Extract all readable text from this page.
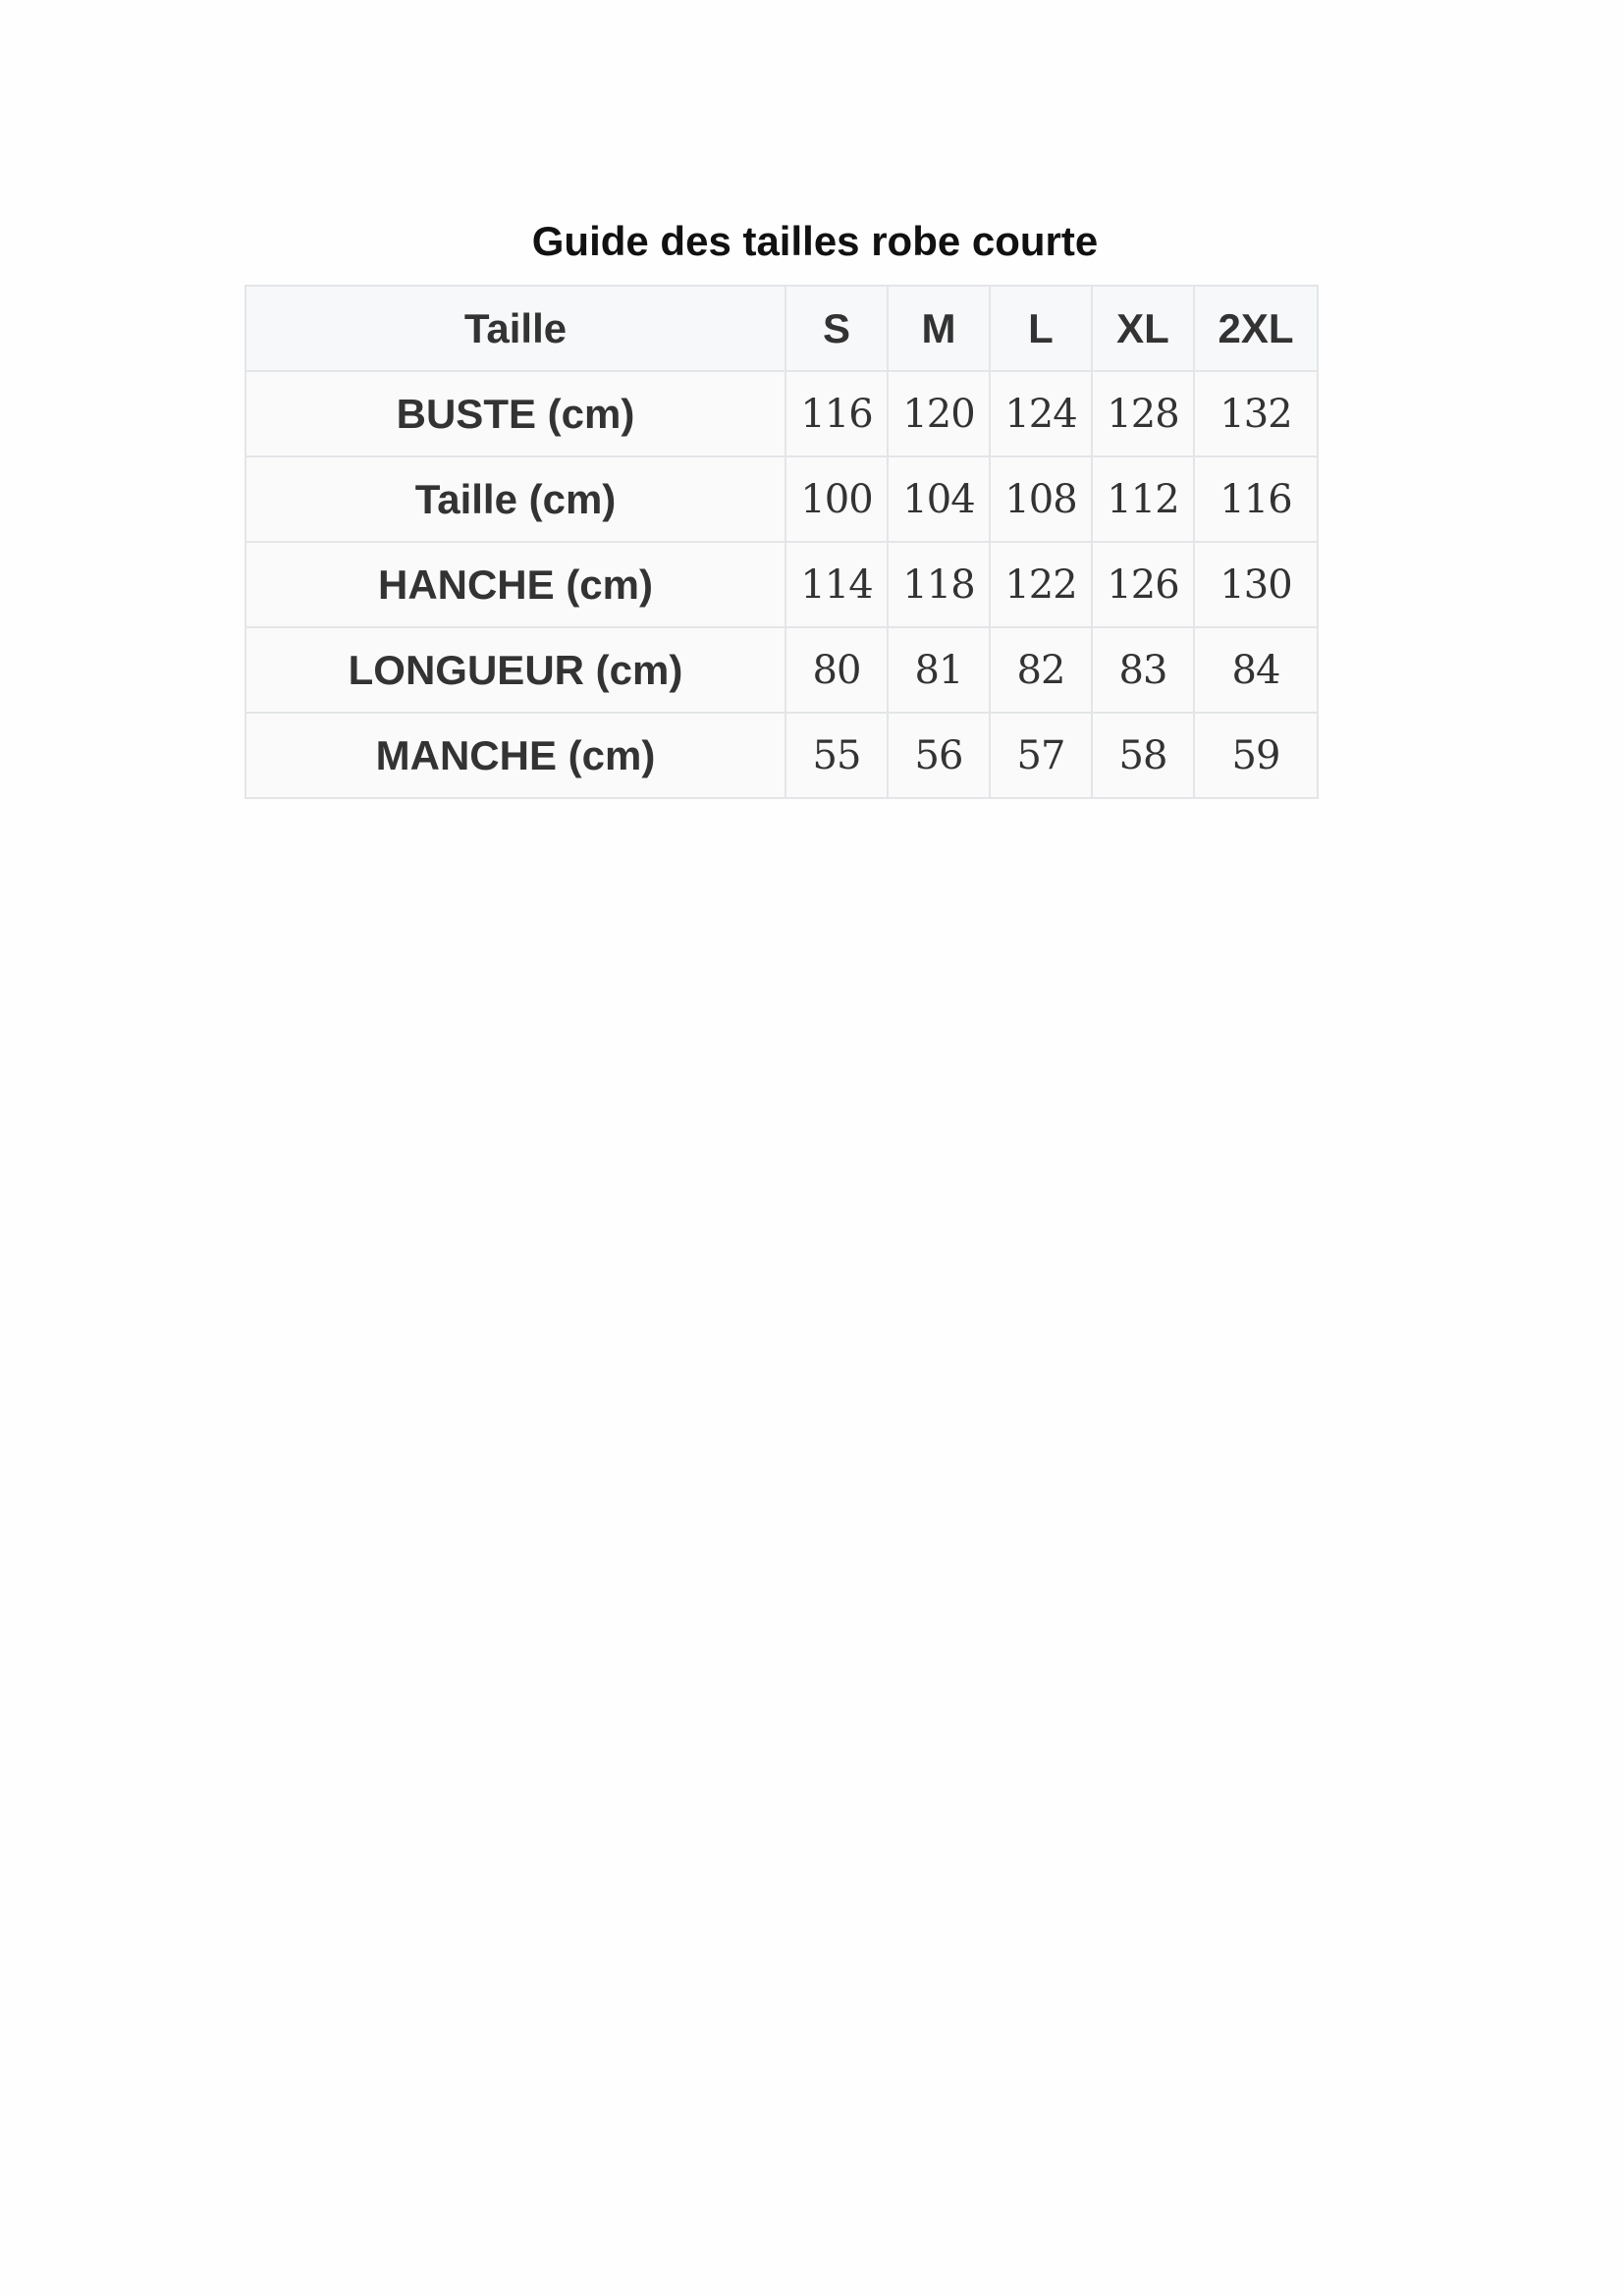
Guide des tailles robe courte
Taille	S	M	L	XL	2XL
BUSTE (cm)	116	120	124	128	132
Taille (cm)	100	104	108	112	116
HANCHE (cm)	114	118	122	126	130
LONGUEUR (cm)	80	81	82	83	84
MANCHE (cm)	55	56	57	58	59
